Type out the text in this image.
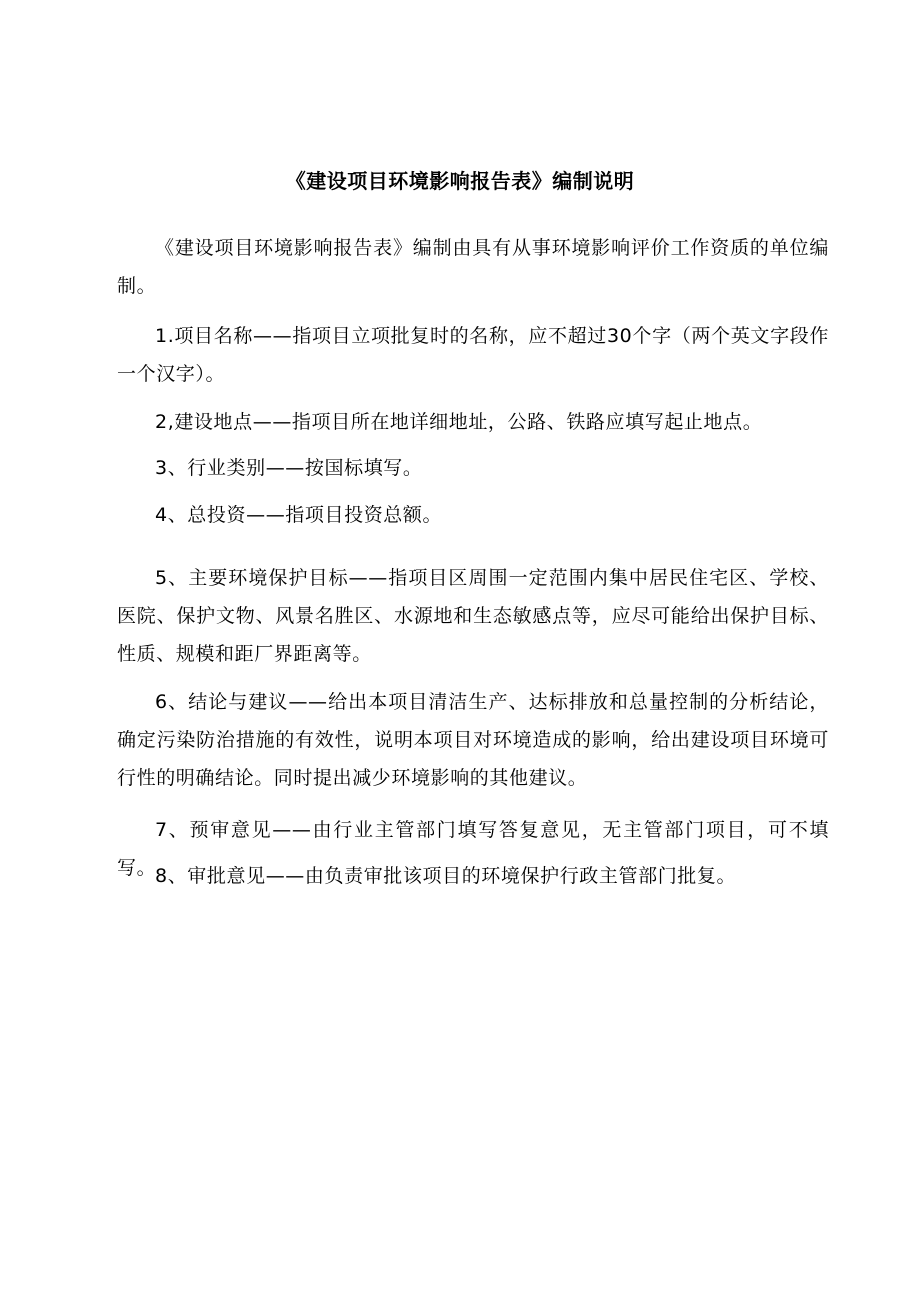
《建设项目环境影响报告表》编制说明

《建设项目环境影响报告表》编制由具有从事环境影响评价工作资质的单位编制。

1.项目名称——指项目立项批复时的名称，应不超过30个字（两个英文字段作一个汉字）。

2,建设地点——指项目所在地详细地址，公路、铁路应填写起止地点。

3、行业类别——按国标填写。

4、总投资——指项目投资总额。

5、主要环境保护目标——指项目区周围一定范围内集中居民住宅区、学校、医院、保护文物、风景名胜区、水源地和生态敏感点等，应尽可能给出保护目标、性质、规模和距厂界距离等。

6、结论与建议——给出本项目清洁生产、达标排放和总量控制的分析结论，确定污染防治措施的有效性，说明本项目对环境造成的影响，给出建设项目环境可行性的明确结论。同时提出减少环境影响的其他建议。

7、预审意见——由行业主管部门填写答复意见，无主管部门项目，可不填写。

8、审批意见——由负责审批该项目的环境保护行政主管部门批复。
